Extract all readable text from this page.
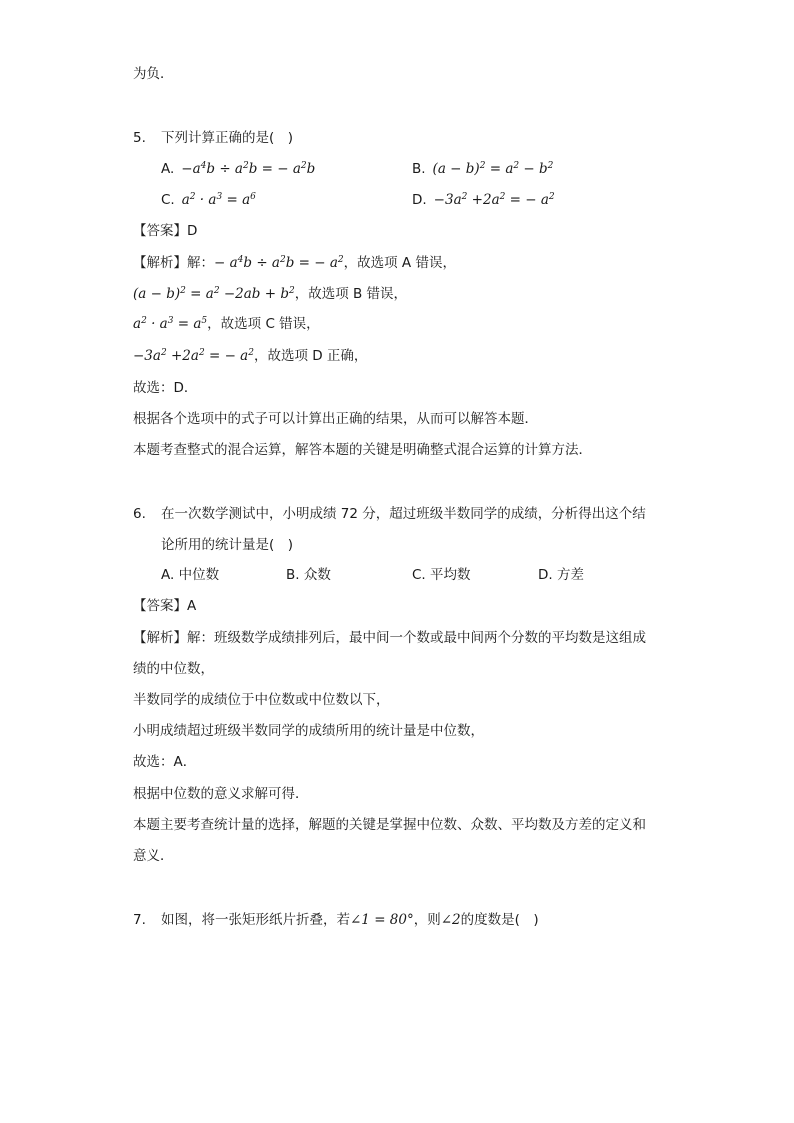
为负．
5. 下列计算正确的是(　)
A.  $-a^4b \div a^2b$ = − $a^2b$	B.  $(a - b)^2 = a^2 - b^2$
C.  $a^2 \cdot a^3 = a^6$	D.  $-3a^2 +2a^2$ = − $a^2$
【答案】D
【解析】解：− $a^4b \div a^2b$ = − $a^2$，故选项 A 错误，
$(a - b)^2 = a^2 -2ab + b^2$，故选项 B 错误，
$a^2 \cdot a^3 = a^5$，故选项 C 错误，
$-3a^2 +2a^2$ = − $a^2$，故选项 D 正确，
故选：D．
根据各个选项中的式子可以计算出正确的结果，从而可以解答本题．
本题考查整式的混合运算，解答本题的关键是明确整式混合运算的计算方法．
6. 在一次数学测试中，小明成绩 72 分，超过班级半数同学的成绩，分析得出这个结
论所用的统计量是(　)
A. 中位数	B. 众数	C. 平均数	D. 方差
【答案】A
【解析】解：班级数学成绩排列后，最中间一个数或最中间两个分数的平均数是这组成
绩的中位数，
半数同学的成绩位于中位数或中位数以下，
小明成绩超过班级半数同学的成绩所用的统计量是中位数，
故选：A．
根据中位数的意义求解可得．
本题主要考查统计量的选择，解题的关键是掌握中位数、众数、平均数及方差的定义和
意义．
7. 如图，将一张矩形纸片折叠，若∠1 = 80°，则∠2的度数是(　)
